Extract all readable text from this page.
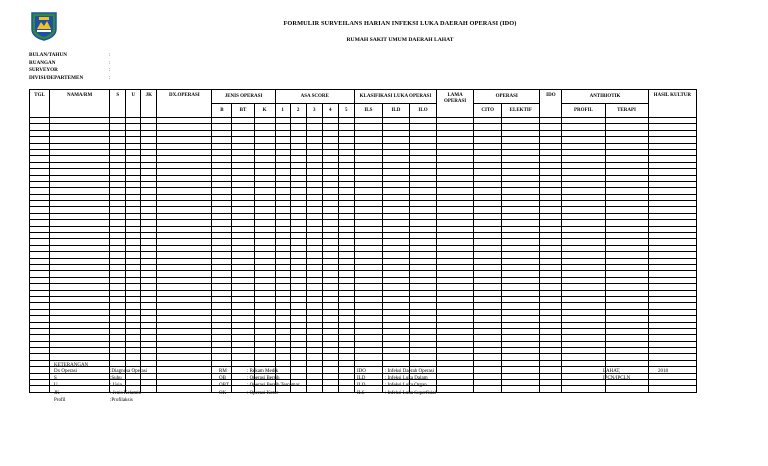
FORMULIR SURVEILANS HARIAN INFEKSI LUKA DAERAH OPERASI (IDO)
RUMAH SAKIT UMUM DAERAH LAHAT
BULAN/TAHUN	:
RUANGAN	:
SURVEYOR	:
DIVISI/DEPARTEMEN	:
TGL	NAMA/RM	S	U	JK	DX.OPERASI	JENIS OPERASI			ASA SCORE					KLASIFIKASI LUKA OPERASI			LAMA OPERASI	OPERASI		IDO	ANTIBIOTIK		HASIL KULTUR
						B	BT	K	1	2	3	4	5	ILS	ILD	ILO		CITO	ELEKTIF		PROFIL	TERAPI	

KETERANGAN
Dx Operasi	:Diagnosa Operasi
S	:Suhu
U	: Usia
JK	: Jenis Kelamin
Profil	:Profilaksis
RM	: Rekam Medik
OB	: Operasi Bersih
OBT	: Operasi Bersih Tercemar
OK	: Operasi Kotor
IDO	: Infeksi Daerah Operasi
ILD	: Infeksi Luka Dalam
ILO	: Infeksi Luka Organ
ILS	: Infeksi Luka Superfisial
LAHAT,	2018
IPCN/IPCLN
